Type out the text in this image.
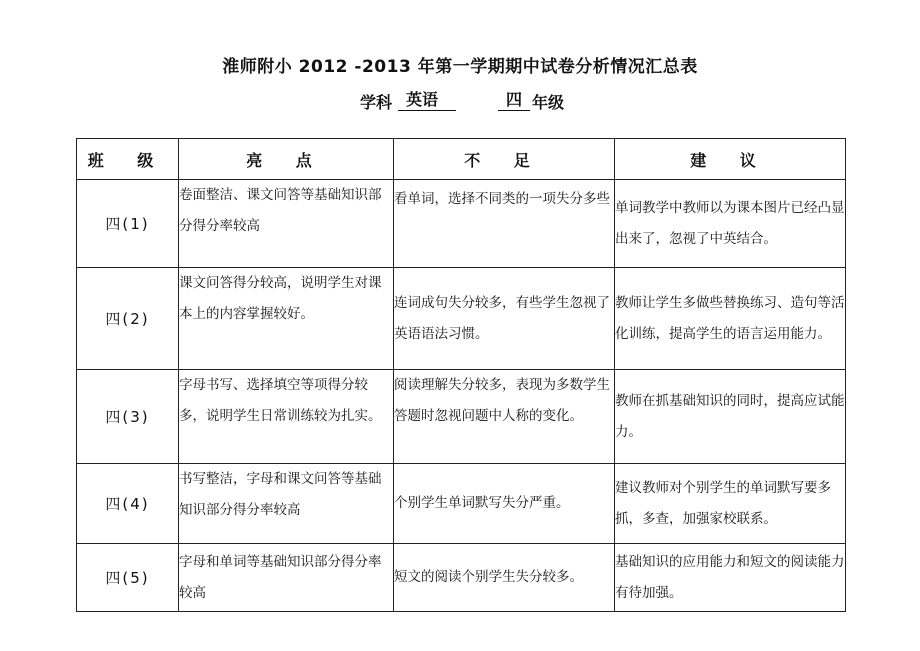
淮师附小 2012 -2013 年第一学期期中试卷分析情况汇总表
学科 英语	四 年级
班 级	亮 点	不 足	建 议
四(1)	卷面整洁、课文问答等基础知识部分得分率较高	看单词，选择不同类的一项失分多些	单词教学中教师以为课本图片已经凸显出来了，忽视了中英结合。

四(2)	课文问答得分较高，说明学生对课本上的内容掌握较好。	连词成句失分较多，有些学生忽视了英语语法习惯。	教师让学生多做些替换练习、造句等活化训练，提高学生的语言运用能力。

四(3)	字母书写、选择填空等项得分较多，说明学生日常训练较为扎实。	阅读理解失分较多，表现为多数学生答题时忽视问题中人称的变化。	教师在抓基础知识的同时，提高应试能力。

四(4)	书写整洁，字母和课文问答等基础知识部分得分率较高	个别学生单词默写失分严重。	建议教师对个别学生的单词默写要多抓，多查，加强家校联系。

四(5)	字母和单词等基础知识部分得分率较高	短文的阅读个别学生失分较多。	基础知识的应用能力和短文的阅读能力有待加强。
